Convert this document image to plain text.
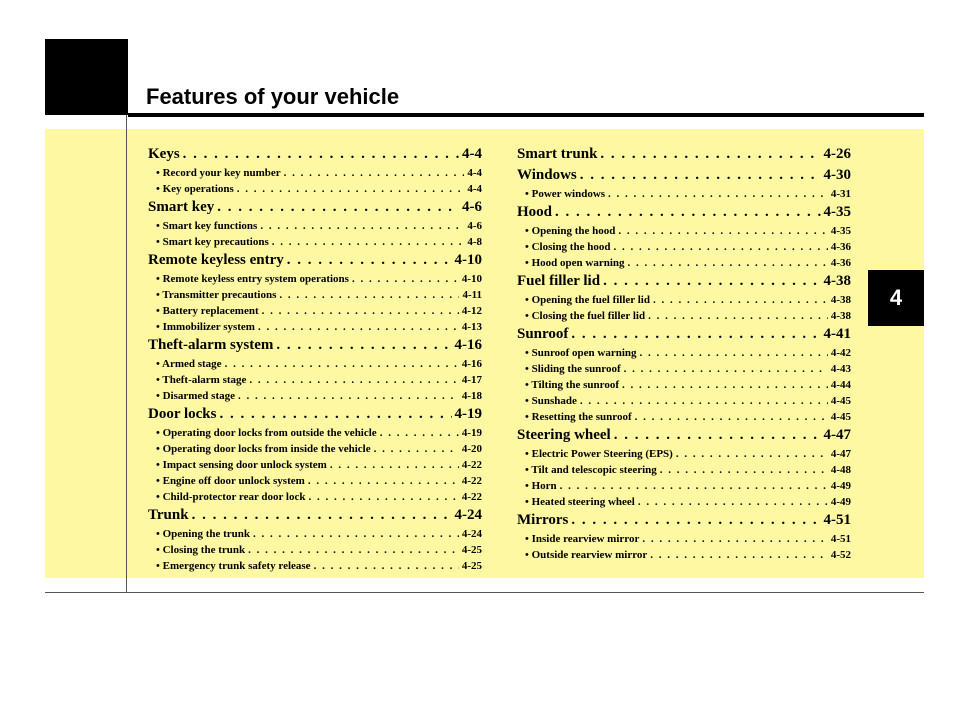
Features of your vehicle
4
Keys . . .	4-4
• Record your key number . . .	4-4
• Key operations . . .	4-4
Smart key . . .	4-6
• Smart key functions . . .	4-6
• Smart key precautions . . .	4-8
Remote keyless entry . . .	4-10
• Remote keyless entry system operations . . .	4-10
• Transmitter precautions . . .	4-11
• Battery replacement . . .	4-12
• Immobilizer system . . .	4-13
Theft-alarm system . . .	4-16
• Armed stage . . .	4-16
• Theft-alarm stage . . .	4-17
• Disarmed stage . . .	4-18
Door locks . . .	4-19
• Operating door locks from outside the vehicle . . .	4-19
• Operating door locks from inside the vehicle . . .	4-20
• Impact sensing door unlock system . . .	4-22
• Engine off door unlock system . . .	4-22
• Child-protector rear door lock . . .	4-22
Trunk . . .	4-24
• Opening the trunk . . .	4-24
• Closing the trunk . . .	4-25
• Emergency trunk safety release . . .	4-25
Smart trunk . . .	4-26
Windows . . .	4-30
• Power windows . . .	4-31
Hood . . .	4-35
• Opening the hood . . .	4-35
• Closing the hood . . .	4-36
• Hood open warning . . .	4-36
Fuel filler lid . . .	4-38
• Opening the fuel filler lid . . .	4-38
• Closing the fuel filler lid . . .	4-38
Sunroof . . .	4-41
• Sunroof open warning . . .	4-42
• Sliding the sunroof . . .	4-43
• Tilting the sunroof . . .	4-44
• Sunshade . . .	4-45
• Resetting the sunroof . . .	4-45
Steering wheel . . .	4-47
• Electric Power Steering (EPS) . . .	4-47
• Tilt and telescopic steering . . .	4-48
• Horn . . .	4-49
• Heated steering wheel . . .	4-49
Mirrors . . .	4-51
• Inside rearview mirror . . .	4-51
• Outside rearview mirror . . .	4-52
